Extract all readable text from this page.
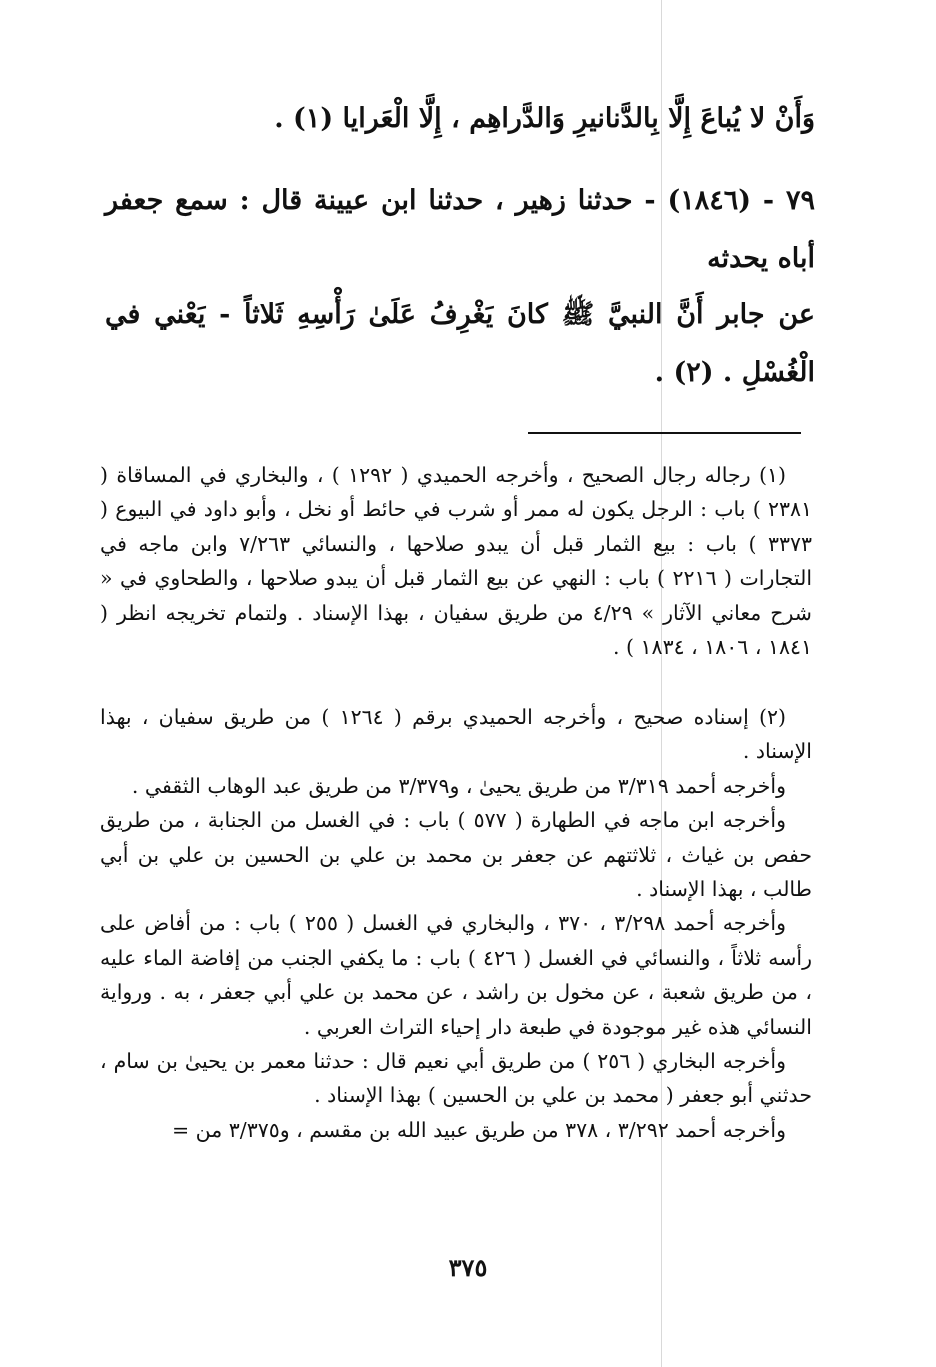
وَأَنْ لا يُباعَ إِلَّا بِالدَّنانيرِ وَالدَّراهِم ، إِلَّا الْعَرايا (١) .

٧٩ - (١٨٤٦) - حدثنا زهير ، حدثنا ابن عيينة قال : سمع جعفر أباه يحدثه

عن جابر أَنَّ النبيَّ ﷺ كانَ يَغْرِفُ عَلَىٰ رَأْسِهِ ثَلاثاً - يَعْني في الْغُسْلِ . (٢) .

(١) رجاله رجال الصحيح ، وأخرجه الحميدي ( ١٢٩٢ ) ، والبخاري في المساقاة ( ٢٣٨١ ) باب : الرجل يكون له ممر أو شرب في حائط أو نخل ، وأبو داود في البيوع ( ٣٣٧٣ ) باب : بيع الثمار قبل أن يبدو صلاحها ، والنسائي ٧/٢٦٣ وابن ماجه في التجارات ( ٢٢١٦ ) باب : النهي عن بيع الثمار قبل أن يبدو صلاحها ، والطحاوي في « شرح معاني الآثار » ٤/٢٩ من طريق سفيان ، بهذا الإسناد . ولتمام تخريجه انظر ( ١٨٤١ ، ١٨٠٦ ، ١٨٣٤ ) .

(٢) إسناده صحيح ، وأخرجه الحميدي برقم ( ١٢٦٤ ) من طريق سفيان ، بهذا الإسناد .

وأخرجه أحمد ٣/٣١٩ من طريق يحيىٰ ، و٣/٣٧٩ من طريق عبد الوهاب الثقفي .

وأخرجه ابن ماجه في الطهارة ( ٥٧٧ ) باب : في الغسل من الجنابة ، من طريق حفص بن غياث ، ثلاثتهم عن جعفر بن محمد بن علي بن الحسين بن علي بن أبي طالب ، بهذا الإسناد .

وأخرجه أحمد ٣/٢٩٨ ، ٣٧٠ ، والبخاري في الغسل ( ٢٥٥ ) باب : من أفاض على رأسه ثلاثاً ، والنسائي في الغسل ( ٤٢٦ ) باب : ما يكفي الجنب من إفاضة الماء عليه ، من طريق شعبة ، عن مخول بن راشد ، عن محمد بن علي أبي جعفر ، به . ورواية النسائي هذه غير موجودة في طبعة دار إحياء التراث العربي .

وأخرجه البخاري ( ٢٥٦ ) من طريق أبي نعيم قال : حدثنا معمر بن يحيىٰ بن سام ، حدثني أبو جعفر ( محمد بن علي بن الحسين ) بهذا الإسناد .

وأخرجه أحمد ٣/٢٩٢ ، ٣٧٨ من طريق عبيد الله بن مقسم ، و٣/٣٧٥ من =

٣٧٥
